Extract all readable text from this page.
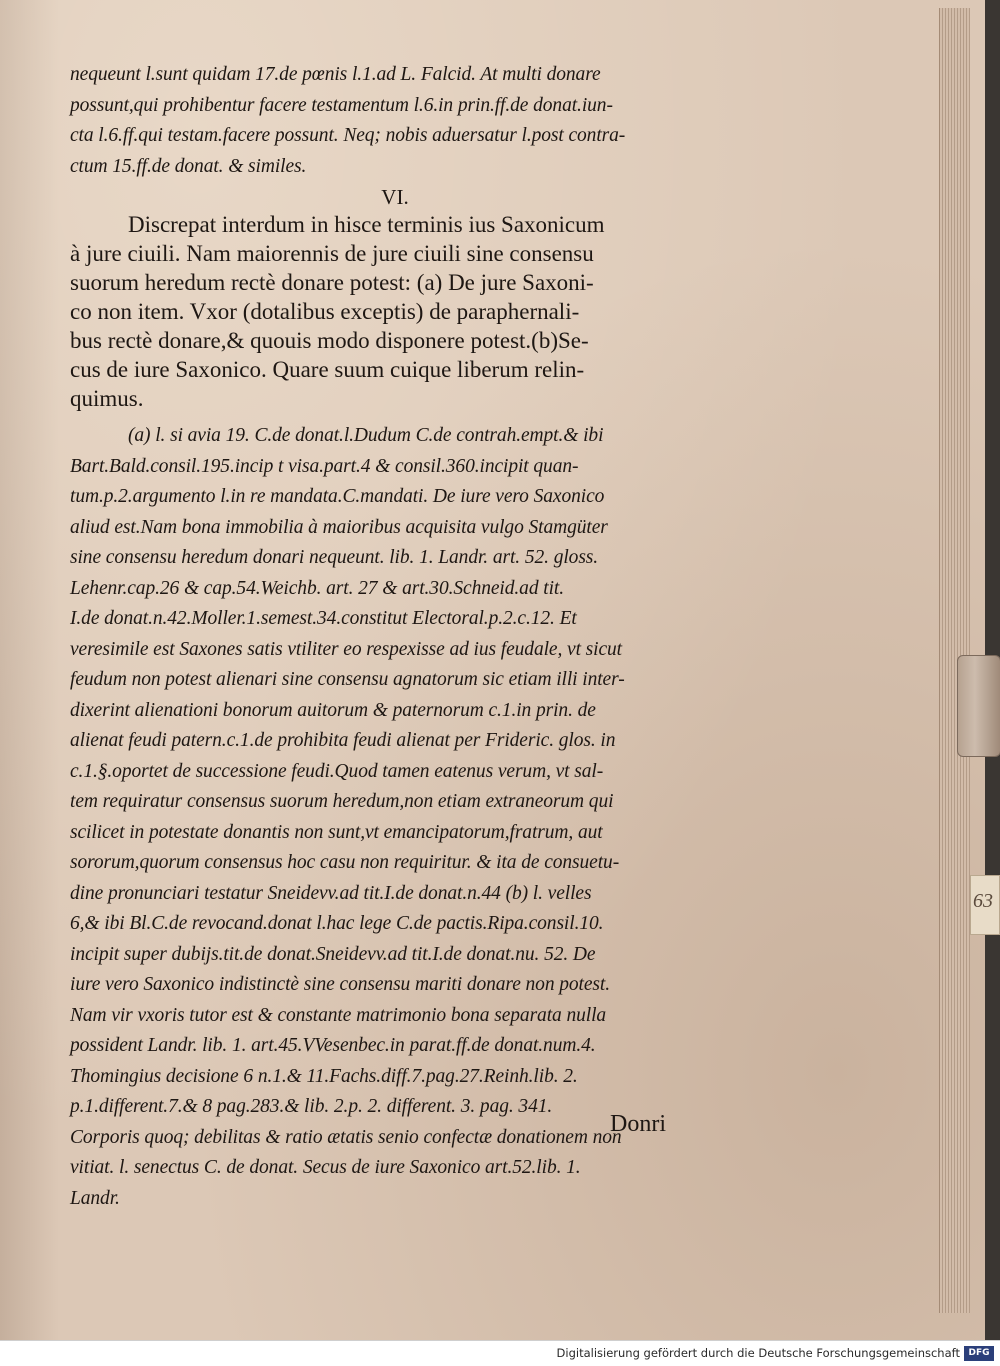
63

nequeunt l.sunt quidam 17.de pœnis l.1.ad L. Falcid. At multi donare

possunt,qui prohibentur facere testamentum l.6.in prin.ff.de donat.iun-

cta l.6.ff.qui testam.facere possunt. Neq; nobis aduersatur l.post contra-

ctum 15.ff.de donat. & similes.

VI.

Discrepat interdum in hisce terminis ius Saxonicum

à jure ciuili. Nam maiorennis de jure ciuili sine consensu

suorum heredum rectè donare potest: (a) De jure Saxoni-

co non item. Vxor (dotalibus exceptis) de paraphernali-

bus rectè donare,& quouis modo disponere potest.(b)Se-

cus de iure Saxonico. Quare suum cuique liberum relin-

quimus.

(a) l. si avia 19. C.de donat.l.Dudum C.de contrah.empt.& ibi

Bart.Bald.consil.195.incip t visa.part.4 & consil.360.incipit quan-

tum.p.2.argumento l.in re mandata.C.mandati. De iure vero Saxonico

aliud est.Nam bona immobilia à maioribus acquisita vulgo Stamgüter

sine consensu heredum donari nequeunt. lib. 1. Landr. art. 52. gloss.

Lehenr.cap.26 & cap.54.Weichb. art. 27 & art.30.Schneid.ad tit.

I.de donat.n.42.Moller.1.semest.34.constitut Electoral.p.2.c.12. Et

veresimile est Saxones satis vtiliter eo respexisse ad ius feudale, vt sicut

feudum non potest alienari sine consensu agnatorum sic etiam illi inter-

dixerint alienationi bonorum auitorum & paternorum c.1.in prin. de

alienat feudi patern.c.1.de prohibita feudi alienat per Frideric. glos. in

c.1.§.oportet de successione feudi.Quod tamen eatenus verum, vt sal-

tem requiratur consensus suorum heredum,non etiam extraneorum qui

scilicet in potestate donantis non sunt,vt emancipatorum,fratrum, aut

sororum,quorum consensus hoc casu non requiritur. & ita de consuetu-

dine pronunciari testatur Sneidevv.ad tit.I.de donat.n.44 (b) l. velles

6,& ibi Bl.C.de revocand.donat l.hac lege C.de pactis.Ripa.consil.10.

incipit super dubijs.tit.de donat.Sneidevv.ad tit.I.de donat.nu. 52. De

iure vero Saxonico indistinctè sine consensu mariti donare non potest.

Nam vir vxoris tutor est & constante matrimonio bona separata nulla

possident Landr. lib. 1. art.45.VVesenbec.in parat.ff.de donat.num.4.

Thomingius decisione 6 n.1.& 11.Fachs.diff.7.pag.27.Reinh.lib. 2.

p.1.different.7.& 8 pag.283.& lib. 2.p. 2. different. 3. pag. 341.

Corporis quoq; debilitas & ratio ætatis senio confectæ donationem non

vitiat. l. senectus C. de donat. Secus de iure Saxonico art.52.lib. 1.

Landr.

Donri
Digitalisierung gefördert durch die Deutsche Forschungsgemeinschaft DFG
